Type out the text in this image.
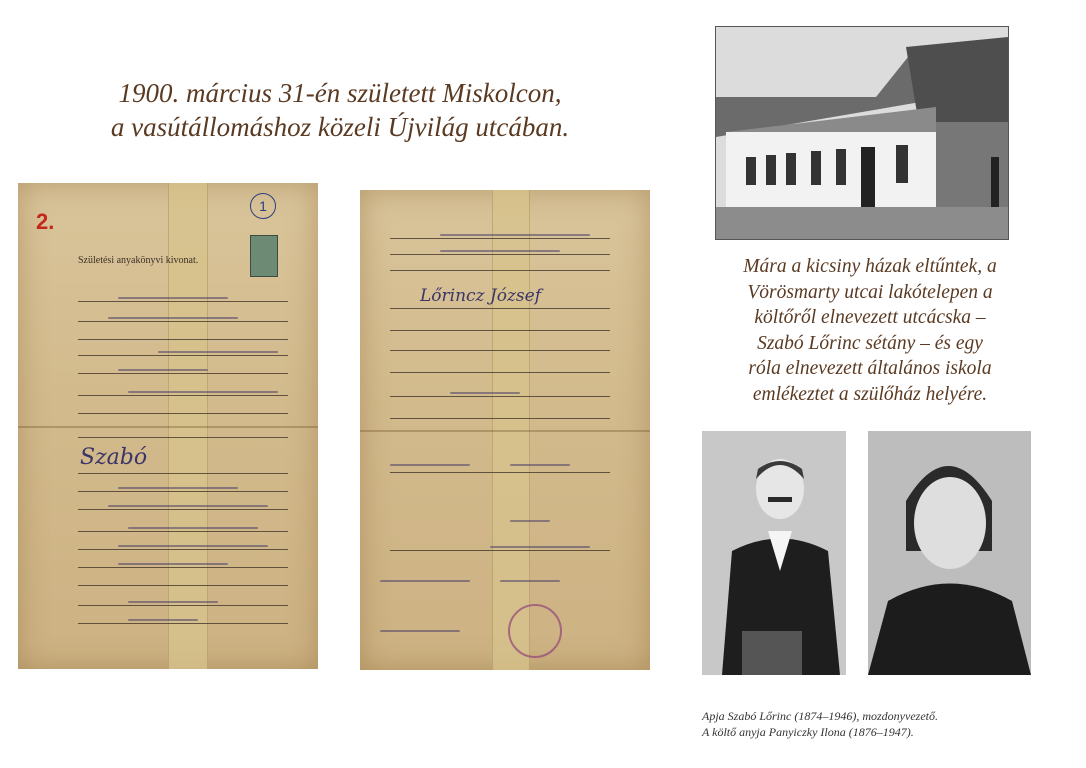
1900. március 31-én született Miskolcon,
a vasútállomáshoz közeli Újvilág utcában.
2.
1
Születési anyakönyvi kivonat.
Szabó
Lőrincz József
Mára a kicsiny házak eltűntek, a
Vörösmarty utcai lakótelepen a
költőről elnevezett utcácska –
Szabó Lőrinc sétány – és egy
róla elnevezett általános iskola
emlékeztet a szülőház helyére.
Apja Szabó Lőrinc (1874–1946), mozdonyvezető.
A költő anyja Panyiczky Ilona (1876–1947).
